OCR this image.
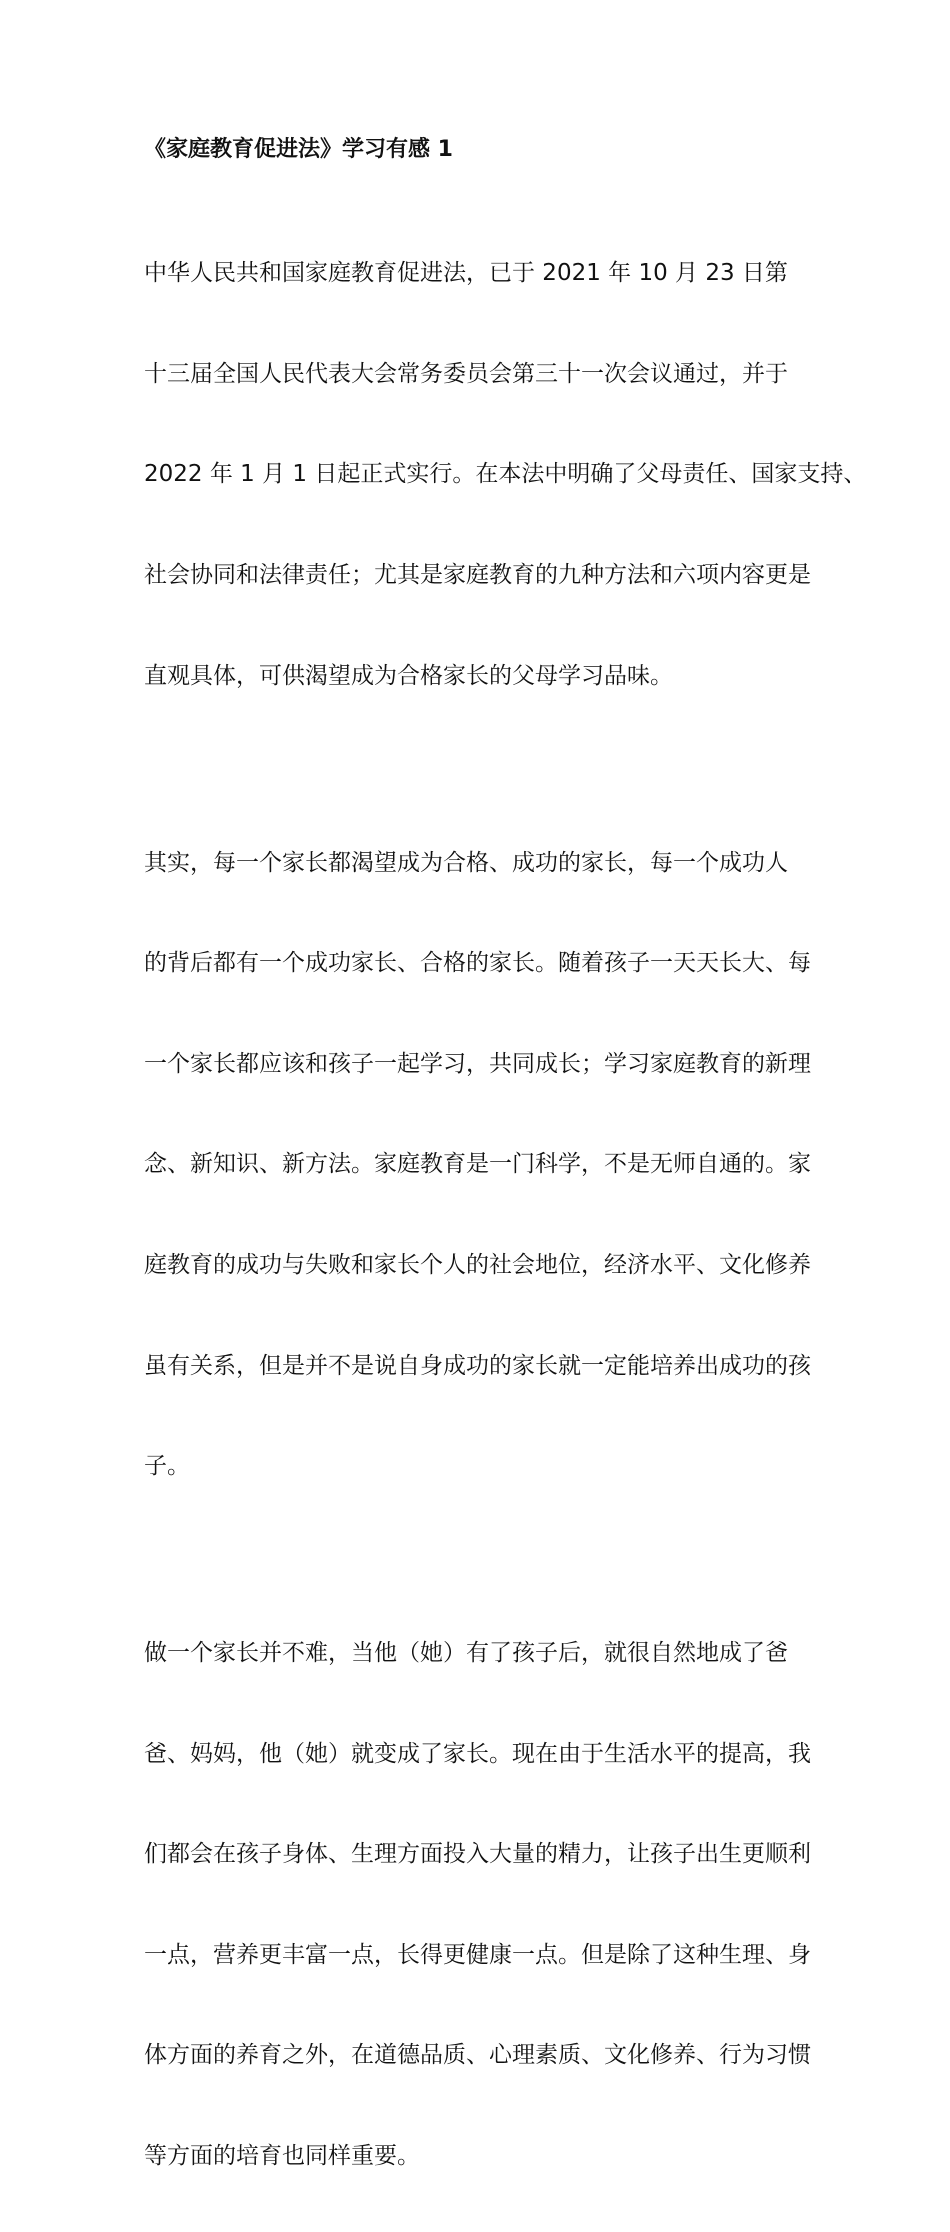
《家庭教育促进法》学习有感 1

中华人民共和国家庭教育促进法，已于 2021 年 10 月 23 日第

十三届全国人民代表大会常务委员会第三十一次会议通过，并于

2022 年 1 月 1 日起正式实行。在本法中明确了父母责任、国家支持、

社会协同和法律责任；尤其是家庭教育的九种方法和六项内容更是

直观具体，可供渴望成为合格家长的父母学习品味。

其实，每一个家长都渴望成为合格、成功的家长，每一个成功人

的背后都有一个成功家长、合格的家长。随着孩子一天天长大、每

一个家长都应该和孩子一起学习，共同成长；学习家庭教育的新理

念、新知识、新方法。家庭教育是一门科学，不是无师自通的。家

庭教育的成功与失败和家长个人的社会地位，经济水平、文化修养

虽有关系，但是并不是说自身成功的家长就一定能培养出成功的孩

子。

做一个家长并不难，当他（她）有了孩子后，就很自然地成了爸

爸、妈妈，他（她）就变成了家长。现在由于生活水平的提高，我

们都会在孩子身体、生理方面投入大量的精力，让孩子出生更顺利

一点，营养更丰富一点，长得更健康一点。但是除了这种生理、身

体方面的养育之外，在道德品质、心理素质、文化修养、行为习惯

等方面的培育也同样重要。
